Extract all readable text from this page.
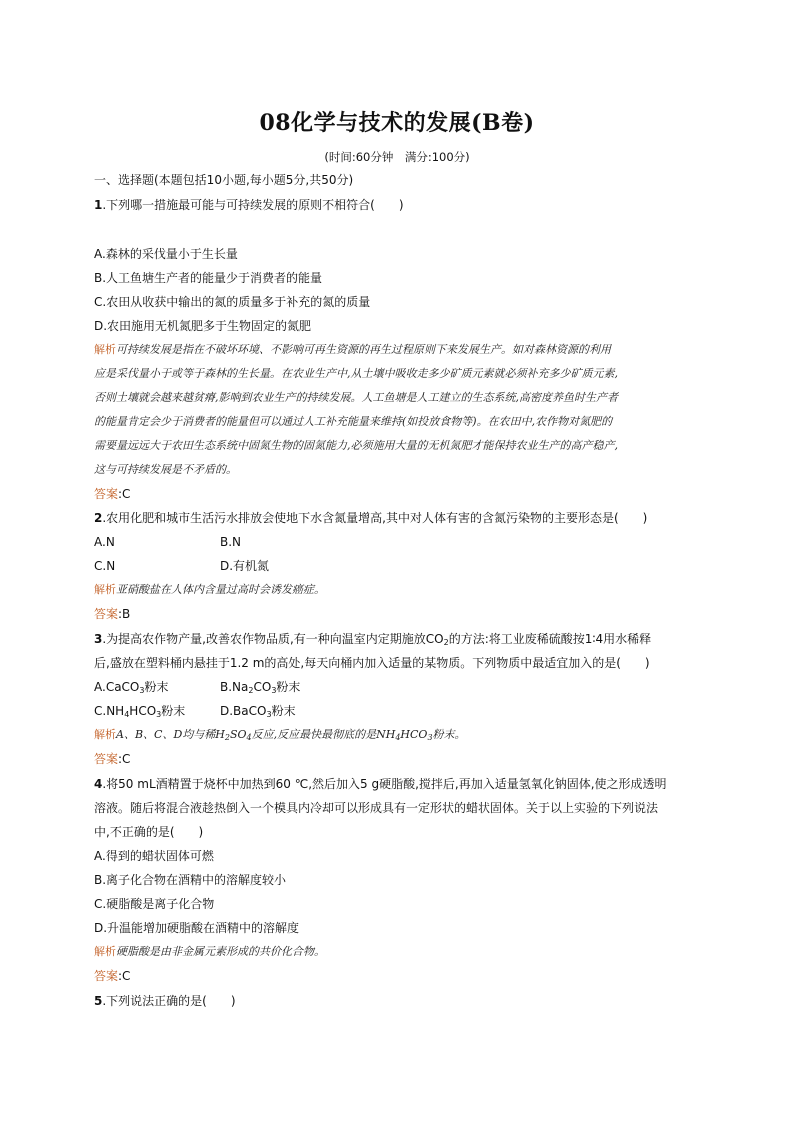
08化学与技术的发展(B卷)
(时间:60分钟　满分:100分)
一、选择题(本题包括10小题,每小题5分,共50分)
1.下列哪一措施最可能与可持续发展的原则不相符合(　　)
A.森林的采伐量小于生长量
B.人工鱼塘生产者的能量少于消费者的能量
C.农田从收获中输出的氮的质量多于补充的氮的质量
D.农田施用无机氮肥多于生物固定的氮肥
解析可持续发展是指在不破坏环境、不影响可再生资源的再生过程原则下来发展生产。如对森林资源的利用
应是采伐量小于或等于森林的生长量。在农业生产中,从土壤中吸收走多少矿质元素就必须补充多少矿质元素,
否则土壤就会越来越贫瘠,影响到农业生产的持续发展。人工鱼塘是人工建立的生态系统,高密度养鱼时生产者
的能量肯定会少于消费者的能量但可以通过人工补充能量来维持(如投放食物等)。在农田中,农作物对氮肥的
需要量远远大于农田生态系统中固氮生物的固氮能力,必须施用大量的无机氮肥才能保持农业生产的高产稳产,
这与可持续发展是不矛盾的。
答案:C
2.农用化肥和城市生活污水排放会使地下水含氮量增高,其中对人体有害的含氮污染物的主要形态是(　　)
A.N	B.N
C.N	D.有机氮
解析亚硝酸盐在人体内含量过高时会诱发癌症。
答案:B
3.为提高农作物产量,改善农作物品质,有一种向温室内定期施放$CO_2$的方法:将工业废稀硫酸按1∶4用水稀释
后,盛放在塑料桶内悬挂于1.2 m的高处,每天向桶内加入适量的某物质。下列物质中最适宜加入的是(　　)
A.CaCO$_3$粉末	$B.Na_2CO_3$粉末
$C.NH_4HCO_3$粉末	D.BaCO$_3$粉末
解析A、B、C、D均与稀$H_2SO_4$反应,反应最快最彻底的是$NH_4HCO_3$粉末。
答案:C
4.将50 mL酒精置于烧杯中加热到60 ℃,然后加入5 g硬脂酸,搅拌后,再加入适量氢氧化钠固体,使之形成透明
溶液。随后将混合液趁热倒入一个模具内冷却可以形成具有一定形状的蜡状固体。关于以上实验的下列说法
中,不正确的是(　　)
A.得到的蜡状固体可燃
B.离子化合物在酒精中的溶解度较小
C.硬脂酸是离子化合物
D.升温能增加硬脂酸在酒精中的溶解度
解析硬脂酸是由非金属元素形成的共价化合物。
答案:C
5.下列说法正确的是(　　)
